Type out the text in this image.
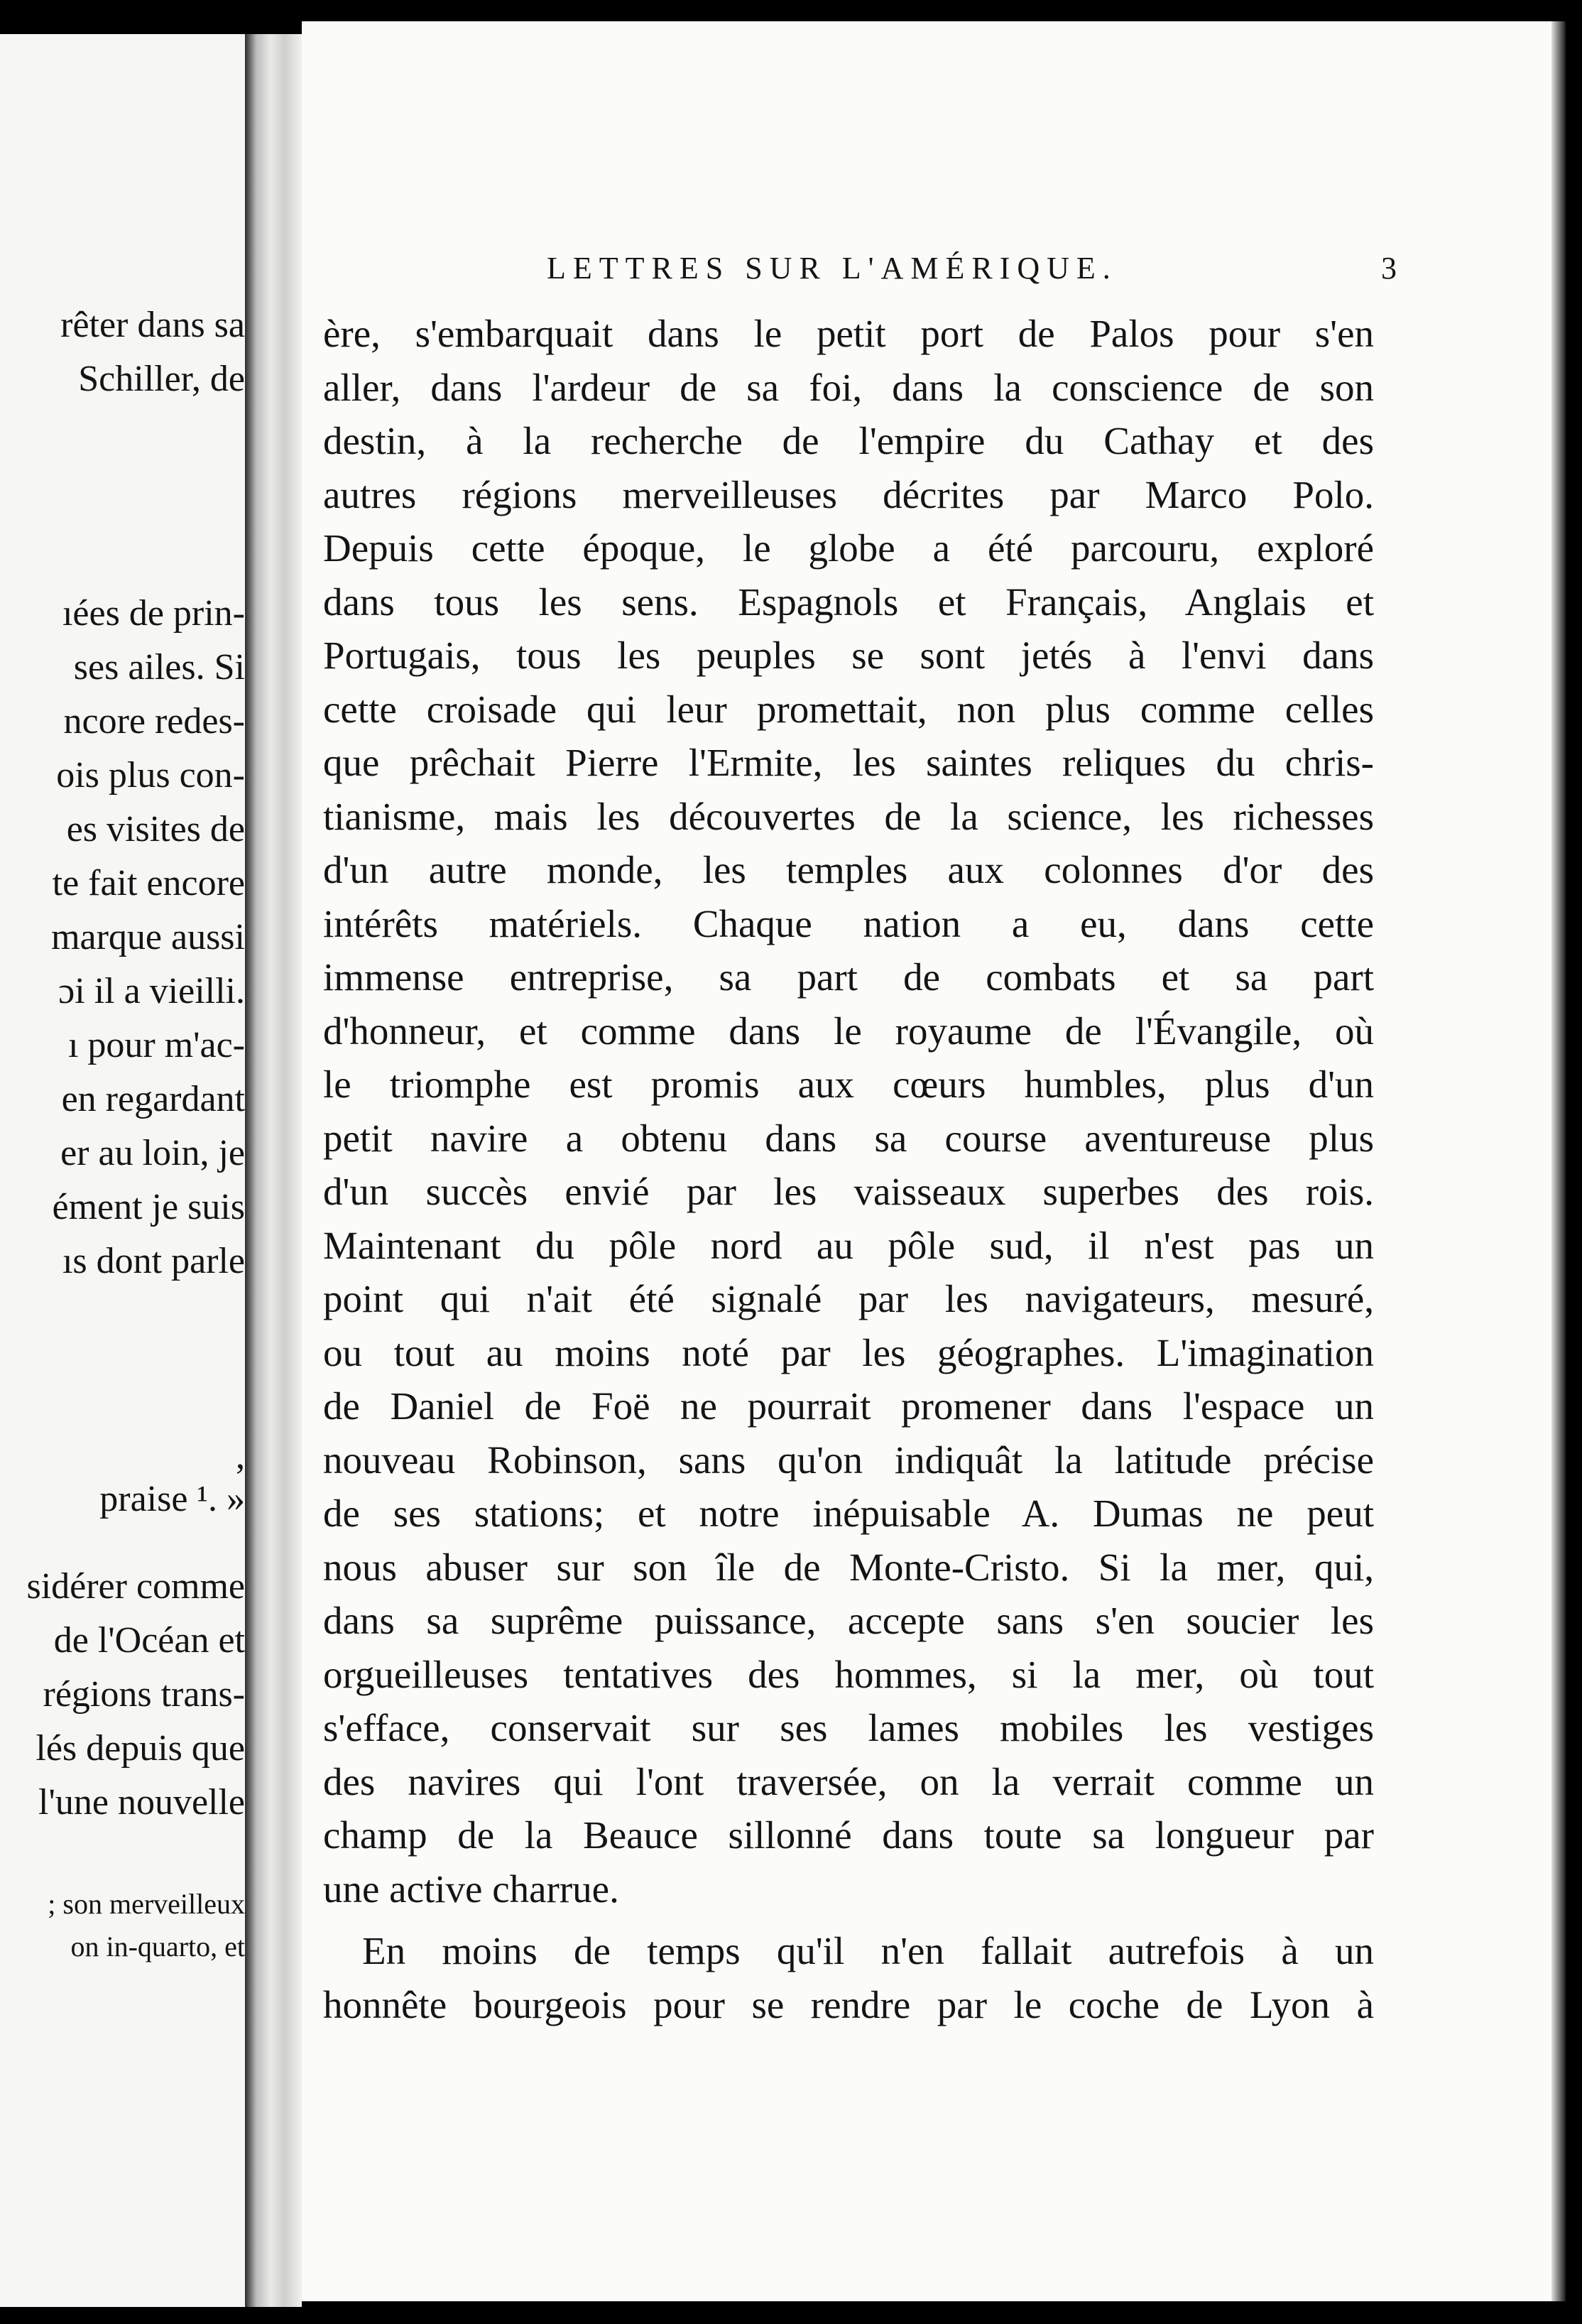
rêter dans sa
Schiller, de
ıées de prin-
ses ailes. Si
ncore redes-
ois plus con-
es visites de
te fait encore
marque aussi
ɔi il a vieilli.
ı pour m'ac-
en regardant
er au loin, je
ément je suis
ıs dont parle
,
praise ¹. »
sidérer comme
de l'Océan et
régions trans-
lés depuis que
l'une nouvelle
; son merveilleux
on in-quarto, et
LETTRES SUR L'AMÉRIQUE.	3
ère, s'embarquait dans le petit port de Palos pour s'en
aller, dans l'ardeur de sa foi, dans la conscience de son
destin, à la recherche de l'empire du Cathay et des
autres régions merveilleuses décrites par Marco Polo.
Depuis cette époque, le globe a été parcouru, exploré
dans tous les sens. Espagnols et Français, Anglais et
Portugais, tous les peuples se sont jetés à l'envi dans
cette croisade qui leur promettait, non plus comme celles
que prêchait Pierre l'Ermite, les saintes reliques du chris-
tianisme, mais les découvertes de la science, les richesses
d'un autre monde, les temples aux colonnes d'or des
intérêts matériels. Chaque nation a eu, dans cette
immense entreprise, sa part de combats et sa part
d'honneur, et comme dans le royaume de l'Évangile, où
le triomphe est promis aux cœurs humbles, plus d'un
petit navire a obtenu dans sa course aventureuse plus
d'un succès envié par les vaisseaux superbes des rois.
Maintenant du pôle nord au pôle sud, il n'est pas un
point qui n'ait été signalé par les navigateurs, mesuré,
ou tout au moins noté par les géographes. L'imagination
de Daniel de Foë ne pourrait promener dans l'espace un
nouveau Robinson, sans qu'on indiquât la latitude précise
de ses stations; et notre inépuisable A. Dumas ne peut
nous abuser sur son île de Monte-Cristo. Si la mer, qui,
dans sa suprême puissance, accepte sans s'en soucier les
orgueilleuses tentatives des hommes, si la mer, où tout
s'efface, conservait sur ses lames mobiles les vestiges
des navires qui l'ont traversée, on la verrait comme un
champ de la Beauce sillonné dans toute sa longueur par
une active charrue.
En moins de temps qu'il n'en fallait autrefois à un
honnête bourgeois pour se rendre par le coche de Lyon à
